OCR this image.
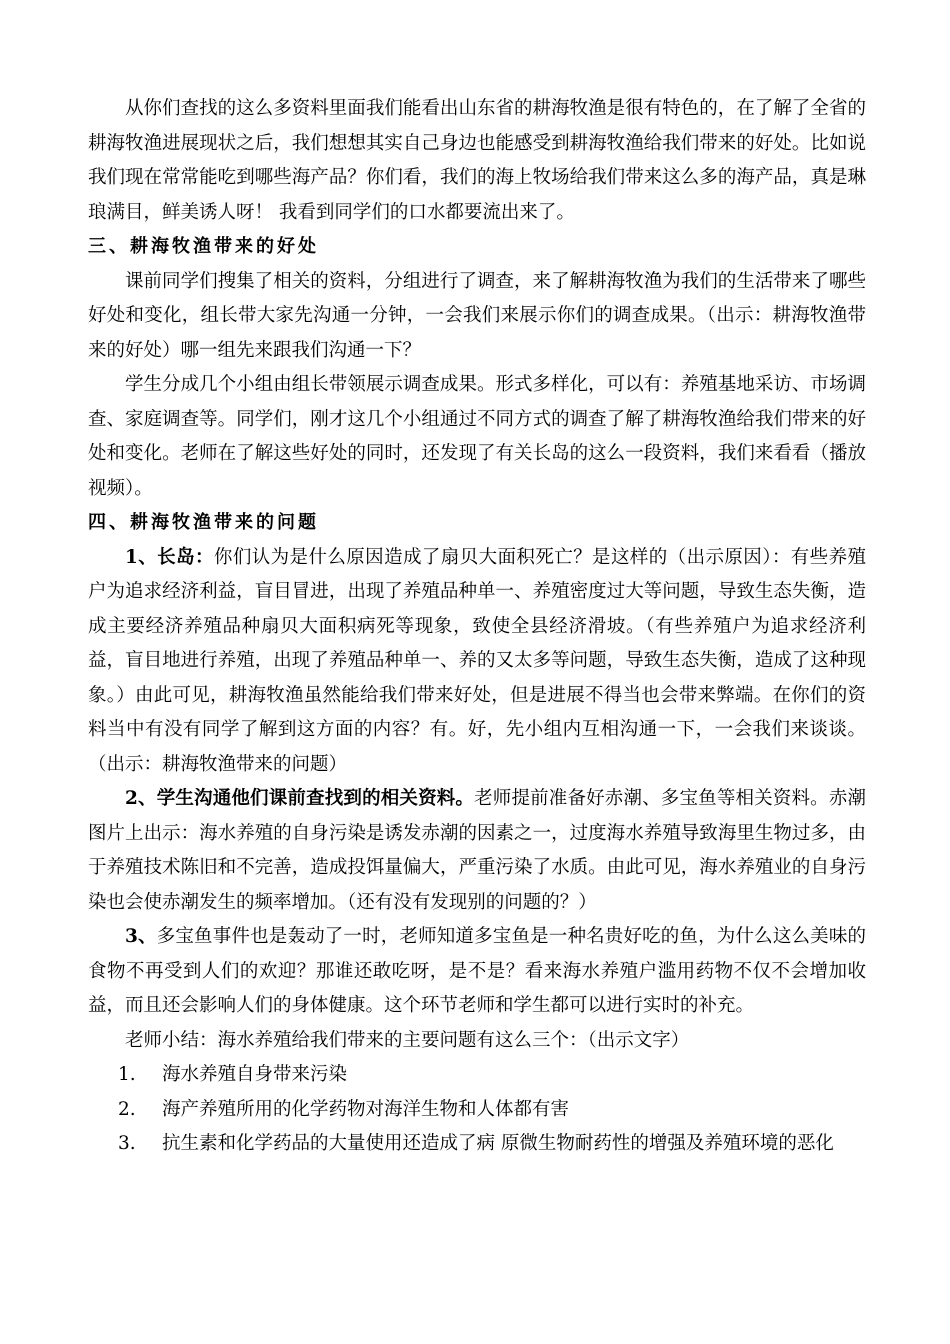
从你们查找的这么多资料里面我们能看出山东省的耕海牧渔是很有特色的，在了解了全省的耕海牧渔进展现状之后，我们想想其实自己身边也能感受到耕海牧渔给我们带来的好处。比如说我们现在常常能吃到哪些海产品？你们看，我们的海上牧场给我们带来这么多的海产品，真是琳琅满目，鲜美诱人呀！ 我看到同学们的口水都要流出来了。

三、耕海牧渔带来的好处

课前同学们搜集了相关的资料，分组进行了调查，来了解耕海牧渔为我们的生活带来了哪些好处和变化，组长带大家先沟通一分钟，一会我们来展示你们的调查成果。（出示：耕海牧渔带来的好处）哪一组先来跟我们沟通一下？

学生分成几个小组由组长带领展示调查成果。形式多样化，可以有：养殖基地采访、市场调查、家庭调查等。同学们，刚才这几个小组通过不同方式的调查了解了耕海牧渔给我们带来的好处和变化。老师在了解这些好处的同时，还发现了有关长岛的这么一段资料，我们来看看（播放视频）。

四、耕海牧渔带来的问题

1、长岛：你们认为是什么原因造成了扇贝大面积死亡？是这样的（出示原因）：有些养殖户为追求经济利益，盲目冒进，出现了养殖品种单一、养殖密度过大等问题，导致生态失衡，造成主要经济养殖品种扇贝大面积病死等现象，致使全县经济滑坡。（有些养殖户为追求经济利益，盲目地进行养殖，出现了养殖品种单一、养的又太多等问题，导致生态失衡，造成了这种现象。）由此可见，耕海牧渔虽然能给我们带来好处，但是进展不得当也会带来弊端。在你们的资料当中有没有同学了解到这方面的内容？有。好，先小组内互相沟通一下，一会我们来谈谈。（出示：耕海牧渔带来的问题）

2、学生沟通他们课前查找到的相关资料。老师提前准备好赤潮、多宝鱼等相关资料。赤潮图片上出示：海水养殖的自身污染是诱发赤潮的因素之一，过度海水养殖导致海里生物过多，由于养殖技术陈旧和不完善，造成投饵量偏大，严重污染了水质。由此可见，海水养殖业的自身污染也会使赤潮发生的频率增加。（还有没有发现别的问题的？）

3、多宝鱼事件也是轰动了一时，老师知道多宝鱼是一种名贵好吃的鱼，为什么这么美味的食物不再受到人们的欢迎？那谁还敢吃呀，是不是？看来海水养殖户滥用药物不仅不会增加收益，而且还会影响人们的身体健康。这个环节老师和学生都可以进行实时的补充。

老师小结：海水养殖给我们带来的主要问题有这么三个：（出示文字）

1.	海水养殖自身带来污染
2.	海产养殖所用的化学药物对海洋生物和人体都有害
3.	抗生素和化学药品的大量使用还造成了病 原微生物耐药性的增强及养殖环境的恶化
